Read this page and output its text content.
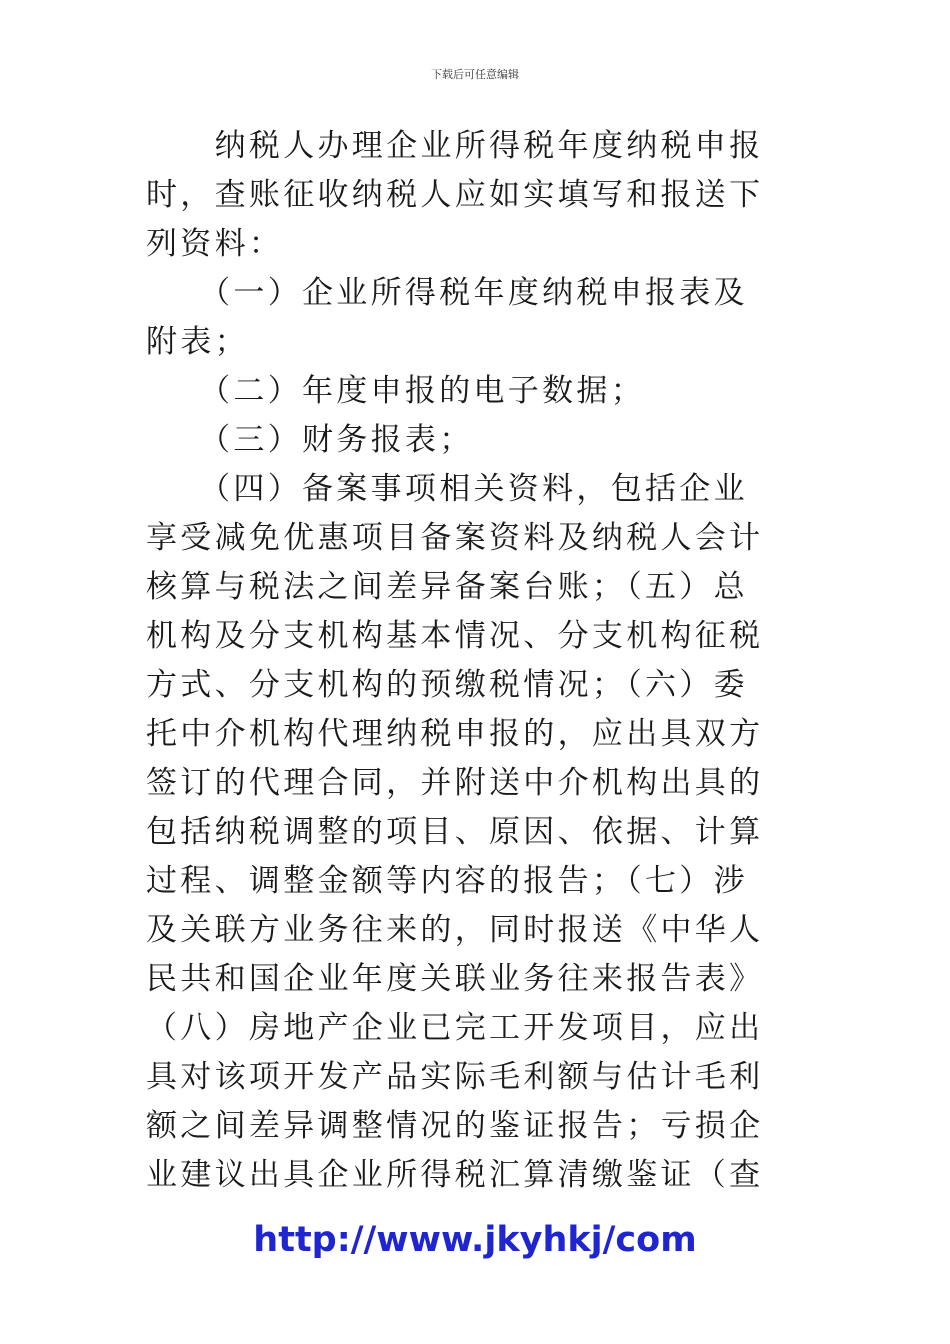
下载后可任意编辑
　　纳税人办理企业所得税年度纳税申报
时，查账征收纳税人应如实填写和报送下
列资料：
　　（一）企业所得税年度纳税申报表及
附表；
　　（二）年度申报的电子数据；
　　（三）财务报表；
　　（四）备案事项相关资料，包括企业
享受减免优惠项目备案资料及纳税人会计
核算与税法之间差异备案台账；（五）总
机构及分支机构基本情况、分支机构征税
方式、分支机构的预缴税情况；（六）委
托中介机构代理纳税申报的，应出具双方
签订的代理合同，并附送中介机构出具的
包括纳税调整的项目、原因、依据、计算
过程、调整金额等内容的报告；（七）涉
及关联方业务往来的，同时报送《中华人
民共和国企业年度关联业务往来报告表》
（八）房地产企业已完工开发项目，应出
具对该项开发产品实际毛利额与估计毛利
额之间差异调整情况的鉴证报告；亏损企
业建议出具企业所得税汇算清缴鉴证（查
http://www.jkyhkj/com
